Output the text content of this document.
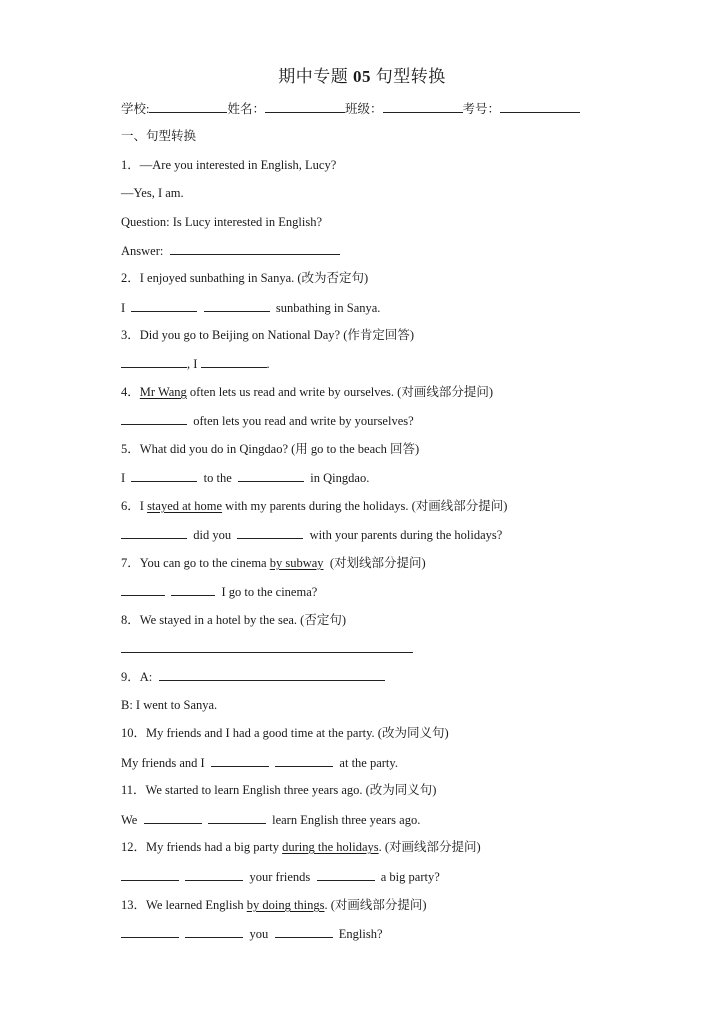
期中专题 05 句型转换
学校:	姓名：	班级：	考号：
一、句型转换
1．—Are you interested in English, Lucy?
—Yes, I am.
Question: Is Lucy interested in English?
Answer:
2．I enjoyed sunbathing in Sanya. (改为否定句)
I	sunbathing in Sanya.
3．Did you go to Beijing on National Day? (作肯定回答)
, I	.
4．Mr Wang often lets us read and write by ourselves. (对画线部分提问)
often lets you read and write by yourselves?
5．What did you do in Qingdao? (用 go to the beach 回答)
I	to the	in Qingdao.
6．I stayed at home with my parents during the holidays. (对画线部分提问)
did you	with your parents during the holidays?
7．You can go to the cinema by subway (对划线部分提问)
I go to the cinema?
8．We stayed in a hotel by the sea. (否定句)
9．A:
B: I went to Sanya.
10．My friends and I had a good time at the party. (改为同义句)
My friends and I	at the party.
11．We started to learn English three years ago. (改为同义句)
We	learn English three years ago.
12．My friends had a big party during the holidays. (对画线部分提问)
your friends	a big party?
13．We learned English by doing things. (对画线部分提问)
you	English?
